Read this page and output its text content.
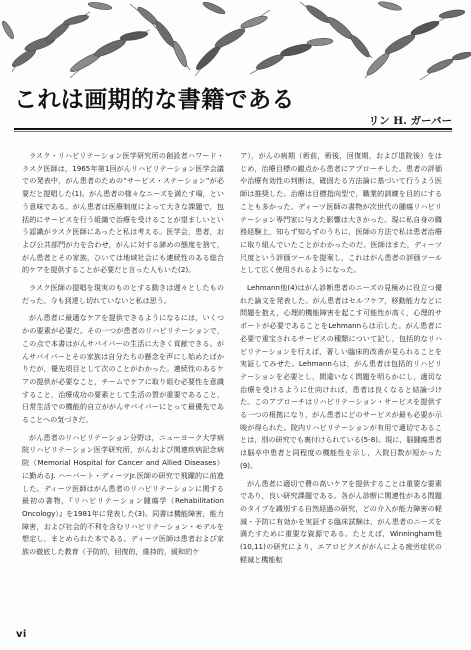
これは画期的な書籍である
リン H. ガーバー

ラスク・リハビリテーション医学研究所の創設者ハワード・ラスク医師は，1965年第1回がんリハビリテーション医学会議での発表中，がん患者のための“サービス・ステーション”が必要だと提唱した(1)。がん患者の様々なニーズを満たす場，という意味である。がん患者は医療制度によって大きな課題で，包括的にサービスを行う組織で治療を受けることが望ましいという認識がラスク医師にあったと私は考える。医学会，患者，および公共部門が力を合わせ，がんに対する諦めの態度を捨て，がん患者とその家族，ひいては地域社会にも連続性のある総合的ケアを提供することが必要だと言った人もいた(2)。

ラスク医師の提唱を現実のものとする動きは遅々としたものだった。今も到達し切れていないと私は思う。

がん患者に最適なケアを提供できるようになるには，いくつかの要素が必要だ。その一つが患者のリハビリテーションで，この点で本書はがんサバイバーの生活に大きく貢献できる。がんサバイバーとその家族は自分たちの懸念を声にし始めたばかりだが，優先項目として次のことがわかった。連続性のあるケアの提供が必要なこと，チームでケアに取り組む必要性を意識すること，治療成功の要素として生活の質が重要であること，日常生活での機能的自立ががんサバイバーにとって最優先であることへの気づきだ。

がん患者のリハビリテーション分野は，ニューヨーク大学病院リハビリテーション医学研究所，がんおよび関連疾病記念病院（Memorial Hospital for Cancer and Allied Diseases）に勤めるJ. ハーバート・ディーツJr.医師の研究で飛躍的に前進した。ディーツ医師はがん患者のリハビリテーションに関する最初の書物，『リハビリテーション腫瘍学（Rehabilitation Oncology）』を1981年に発表した(3)。同書は機能障害，能力障害，および社会的不利を含むリハビリテーション・モデルを想定し，まとめられた本である。ディーツ医師は患者および家族の徹底した教育（予防的，回復的，維持的，緩和的ケ

ア），がんの病期（術前，術後，回復期，および退院後）をはじめ，治療目標の観点から患者にアプローチした。患者の評価や治療有効性の判断は，確固たる方法論に基づいて行うよう医師は推奨した。治療は目標指向型で，職業的訓練を目的にすることも多かった。ディーツ医師の書物が次世代の腫瘍リハビリテーション専門家に与えた影響は大きかった。現に私自身の職務経験上，知らず知らずのうちに，医師の方法で私は患者治療に取り組んでいたことがわかったのだ。医師はまた，ディーツ尺度という評価ツールを提案し，これはがん患者の評価ツールとして広く使用されるようになった。

Lehmann他(4)はがん診断患者のニーズの見極めに役立つ優れた論文を発表した。がん患者はセルフケア，移動能力などに問題を抱え，心理的機能障害を起こす可能性が高く，心理的サポートが必要であることをLehmannらは示した。がん患者に必要で重宝されるサービスの種類について記し，包括的なリハビリテーションを行えば，著しい臨床的改善が見られることを実証してみせた。Lehmannらは，がん患者は包括的リハビリテーションを必要とし，間違いなく問題を明らかにし，適切な治療を受けるように仕向ければ，患者は良くなると結論づけた。このアプローチはリハビリテーション・サービスを提供する一つの根拠になり，がん患者にどのサービスが最も必要か示唆が得られた。院内リハビリテーションが有用で適切であることは，別の研究でも裏付けられている(5-8)。現に，脳腫瘍患者は脳卒中患者と同程度の機能性を示し，入院日数が短かった(9)。

がん患者に適切で費の高いケアを提供することは重要な要素であり，良い研究課題である。各がん診断に関連性がある問題のタイプを識別する自然経過の研究，どの介入が能力障害の軽減・予防に有効かを実証する臨床試験は，がん患者のニーズを満たすために重要な資源である。たとえば，Winningham他(10,11)の研究により，エアロビクスががんによる疲労症状の軽減と機能転

vi
